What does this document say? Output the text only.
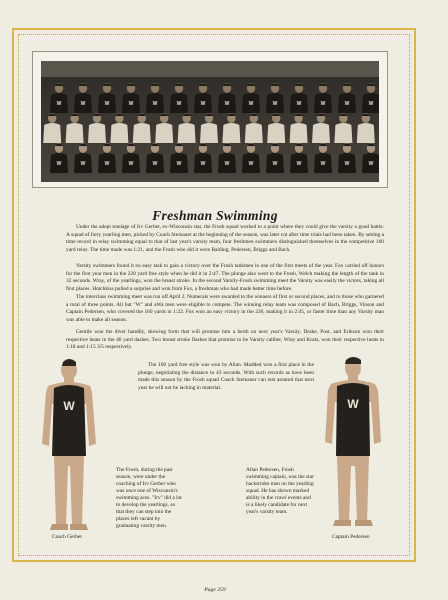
W	W	W	W	W	W	W	W	W	W	W	W	W	W
W	W	W	W	W	W	W	W	W	W	W	W	W	W
Freshman Swimming
Under the adept tutelage of Irv Gerber, ex-Wisconsin star, the Frosh squad worked to a point where they could give the varsity a good battle. A squad of forty yearling men, picked by Coach Steinauer at the beginning of the season, was later cut after time trials had been taken. By setting a time record in relay swimming equal to that of last year's varsity team, four freshmen swimmers distinguished themselves in the competitive 160 yard relay. The time made was 1:21, and the Frosh who did it were Balding, Pedersen, Briggs and Bach.
Varsity swimmers found it no easy task to gain a victory over the Frosh tankmen in one of the first meets of the year. Fox carried off honors for the first year men in the 220 yard free style when he did it in 2:47. The plunge also went to the Frosh, Welch making the length of the tank in 32 seconds. Wray, of the yearlings, won the breast stroke. In the second Varsity-Frosh swimming meet the Varsity was easily the victors, taking all first places. Hotchkiss pulled a surprise and won from Fox, a freshman who had made better time before.
The interclass swimming meet was run off April 2. Numerals were awarded to the winners of first or second places, and to those who garnered a total of three points. All but "W" and aWa men were eligible to compete. The winning relay team was composed of Bach, Briggs, Vinson and Captain Pedersen, who covered the 160 yards in 1:22. Fox won an easy victory in the 220, making it in 2:45, or faster time than any Varsity man was able to make all season.
Gentile won the diver handily, showing form that will promise him a berth on next year's Varsity. Drake, Post, and Erikson won their respective heats in the 40 yard dashes. Two breast stroke flashes that promise to be Varsity caliber, Wray and Kratz, won their respective heats in 1:18 and 1:15 3/5 respectively.
The 100 yard free style was won by Allan. Madded won a first place in the plunge, negotiating the distance in 43 seconds. With such records as have been made this season by the Frosh squad Coach Steinauer can rest assured that next year he will not be lacking in material.
W
The Frosh, during the past season, were under the coaching of Irv Gerber who was once one of Wisconsin's swimming aces. "Irv" did a lot to develop the yearlings, so that they can step into the places left vacant by graduating varsity men.
Allan Pedersen, Frosh swimming captain, was the star backstroke man on the yearling squad. He has shown marked ability in the crawl events and is a likely candidate for next year's varsity team.
W
Coach Gerber	Captain Pedersen
Page 259
